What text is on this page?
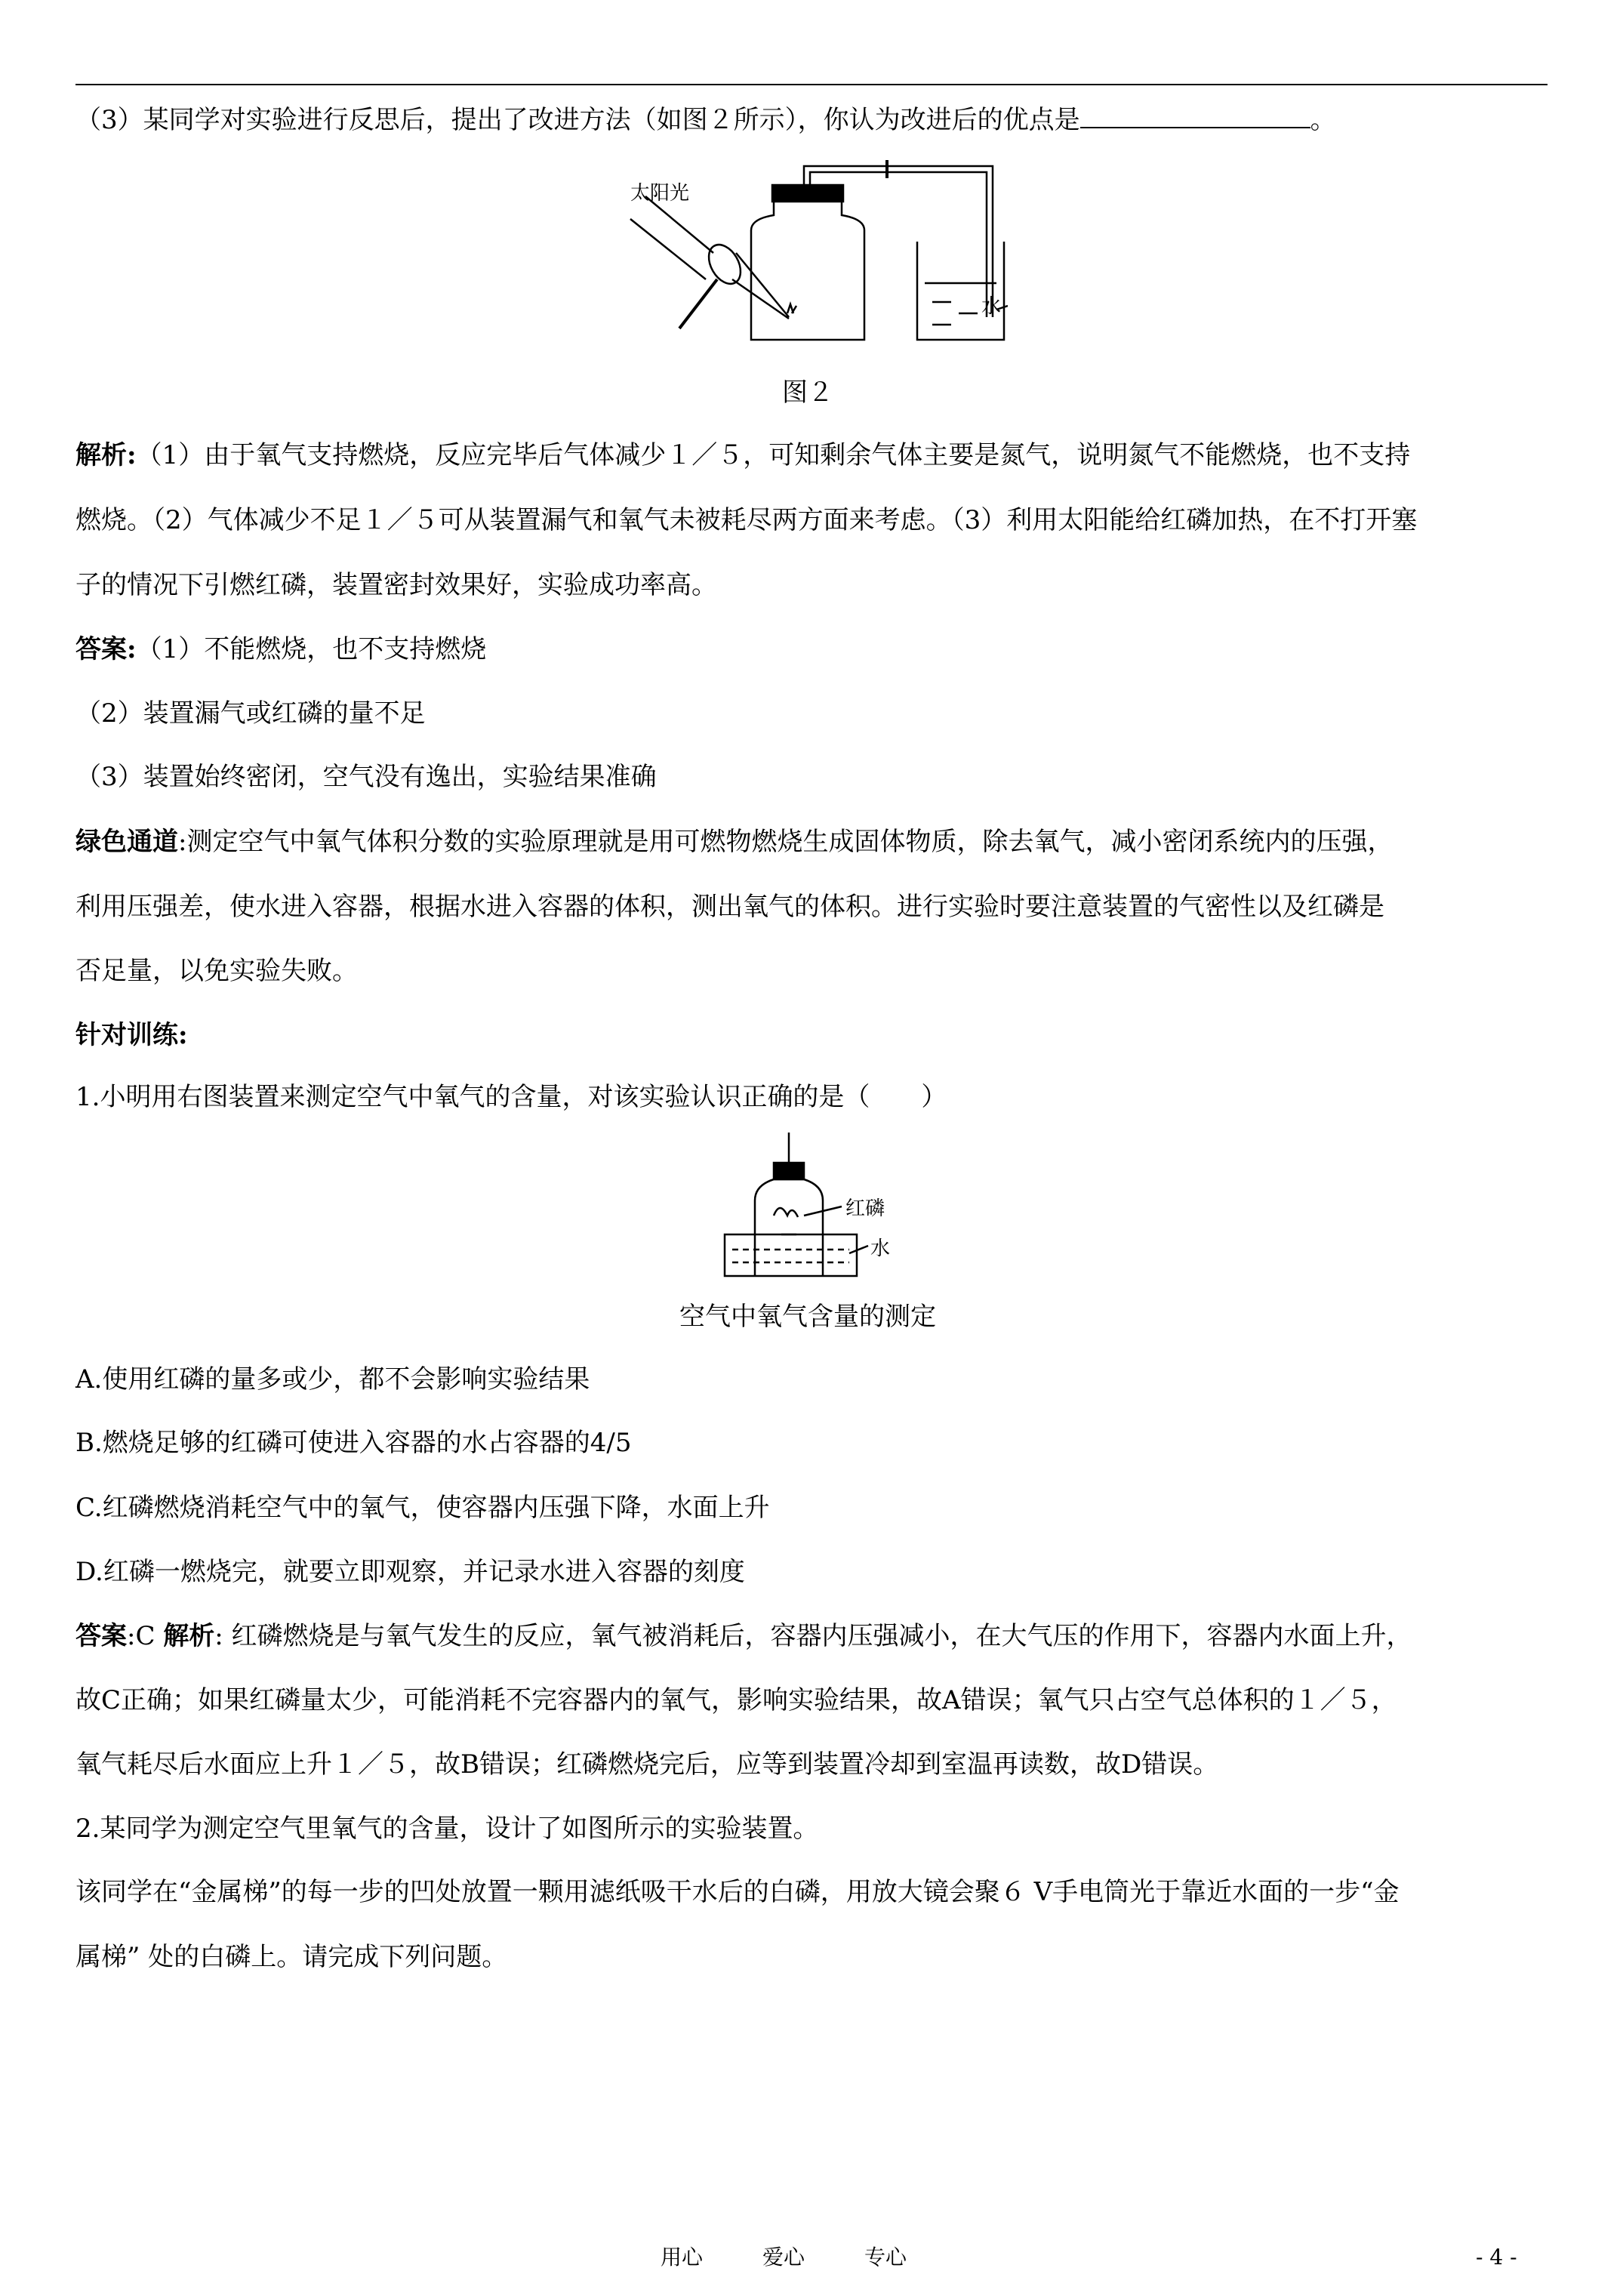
（3）某同学对实验进行反思后，提出了改进方法（如图２所示），你认为改进后的优点是	。
太阳光
水
图２
解析:（1）由于氧气支持燃烧，反应完毕后气体减少１／５，可知剩余气体主要是氮气，说明氮气不能燃烧，也不支持
燃烧。（2）气体减少不足１／５可从装置漏气和氧气未被耗尽两方面来考虑。（3）利用太阳能给红磷加热，在不打开塞
子的情况下引燃红磷，装置密封效果好，实验成功率高。
答案:（1）不能燃烧，也不支持燃烧
（2）装置漏气或红磷的量不足
（3）装置始终密闭，空气没有逸出，实验结果准确
绿色通道:测定空气中氧气体积分数的实验原理就是用可燃物燃烧生成固体物质，除去氧气，减小密闭系统内的压强，
利用压强差，使水进入容器，根据水进入容器的体积，测出氧气的体积。进行实验时要注意装置的气密性以及红磷是
否足量，以免实验失败。
针对训练:
1.小明用右图装置来测定空气中氧气的含量，对该实验认识正确的是（　　）
红磷
水
空气中氧气含量的测定
A.使用红磷的量多或少，都不会影响实验结果
B.燃烧足够的红磷可使进入容器的水占容器的4/5
C.红磷燃烧消耗空气中的氧气，使容器内压强下降，水面上升
D.红磷一燃烧完，就要立即观察，并记录水进入容器的刻度
答案:C 解析: 红磷燃烧是与氧气发生的反应，氧气被消耗后，容器内压强减小，在大气压的作用下，容器内水面上升，
故C正确；如果红磷量太少，可能消耗不完容器内的氧气，影响实验结果，故A错误；氧气只占空气总体积的１／５，
氧气耗尽后水面应上升１／５，故B错误；红磷燃烧完后，应等到装置冷却到室温再读数，故D错误。
2.某同学为测定空气里氧气的含量，设计了如图所示的实验装置。
该同学在“金属梯”的每一步的凹处放置一颗用滤纸吸干水后的白磷，用放大镜会聚６ V手电筒光于靠近水面的一步“金
属梯” 处的白磷上。请完成下列问题。
用心	爱心	专心	- 4 -
